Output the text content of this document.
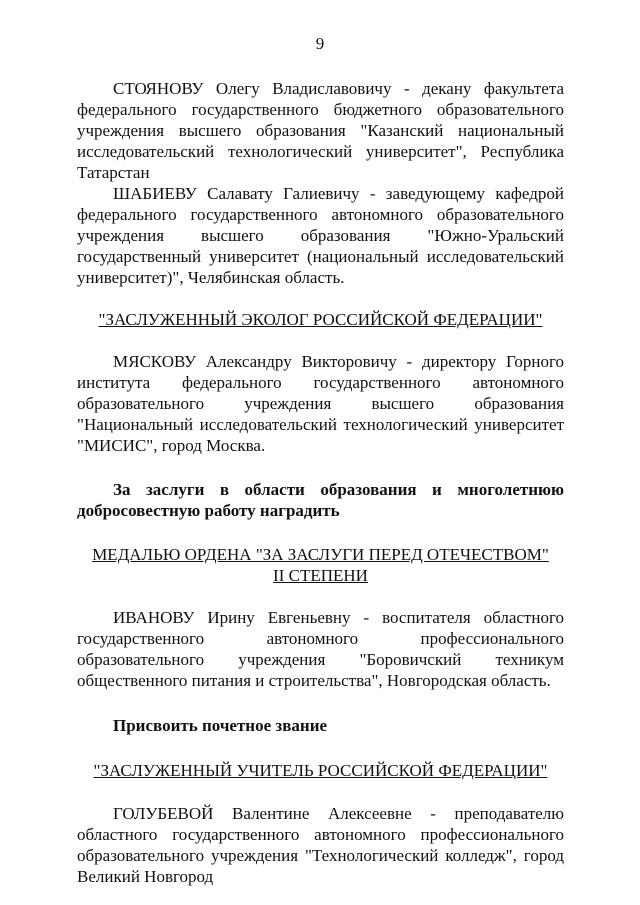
9

СТОЯНОВУ Олегу Владиславовичу - декану факультета федерального государственного бюджетного образовательного учреждения высшего образования "Казанский национальный исследовательский технологический университет", Республика Татарстан

ШАБИЕВУ Салавату Галиевичу - заведующему кафедрой федерального государственного автономного образовательного учреждения высшего образования "Южно-Уральский государственный университет (национальный исследовательский университет)", Челябинская область.

"ЗАСЛУЖЕННЫЙ ЭКОЛОГ РОССИЙСКОЙ ФЕДЕРАЦИИ"

МЯСКОВУ Александру Викторовичу - директору Горного института федерального государственного автономного образовательного учреждения высшего образования "Национальный исследовательский технологический университет "МИСИС", город Москва.

За заслуги в области образования и многолетнюю добросовестную работу наградить

МЕДАЛЬЮ ОРДЕНА "ЗА ЗАСЛУГИ ПЕРЕД ОТЕЧЕСТВОМ"

II СТЕПЕНИ

ИВАНОВУ Ирину Евгеньевну - воспитателя областного государственного автономного профессионального образовательного учреждения "Боровичский техникум общественного питания и строительства", Новгородская область.

Присвоить почетное звание

"ЗАСЛУЖЕННЫЙ УЧИТЕЛЬ РОССИЙСКОЙ ФЕДЕРАЦИИ"

ГОЛУБЕВОЙ Валентине Алексеевне - преподавателю областного государственного автономного профессионального образовательного учреждения "Технологический колледж", город Великий Новгород
